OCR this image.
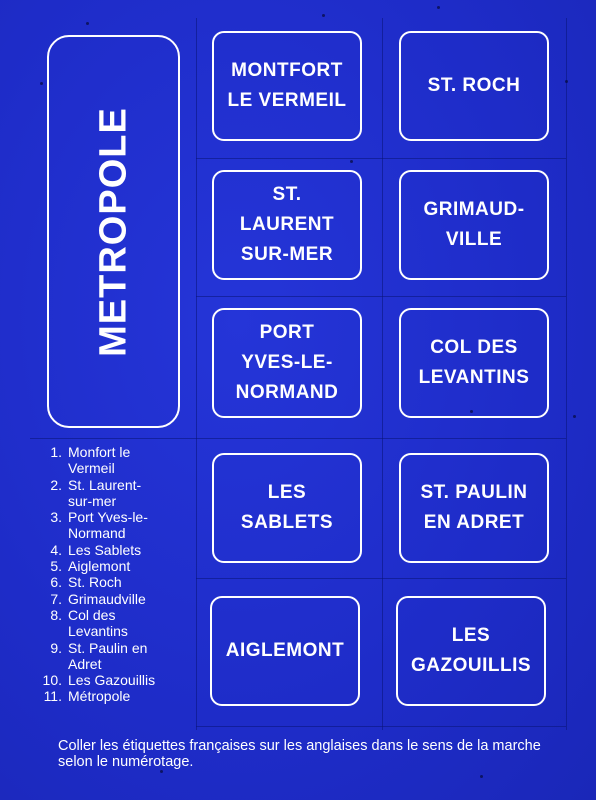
METROPOLE
MONTFORT
LE VERMEIL
ST. ROCH
ST.
LAURENT
SUR-MER
GRIMAUD-
VILLE
PORT
YVES-LE-
NORMAND
COL DES
LEVANTINS
LES
SABLETS
ST. PAULIN
EN ADRET
AIGLEMONT
LES
GAZOUILLIS
1. Monfort le
Vermeil
2. St. Laurent-
sur-mer
3. Port Yves-le-
Normand
4. Les Sablets
5. Aiglemont
6. St. Roch
7. Grimaudville
8. Col des
Levantins
9. St. Paulin en
Adret
10. Les Gazouillis
11. Métropole
Coller les étiquettes françaises sur les anglaises dans le sens de la marche selon le numérotage.
